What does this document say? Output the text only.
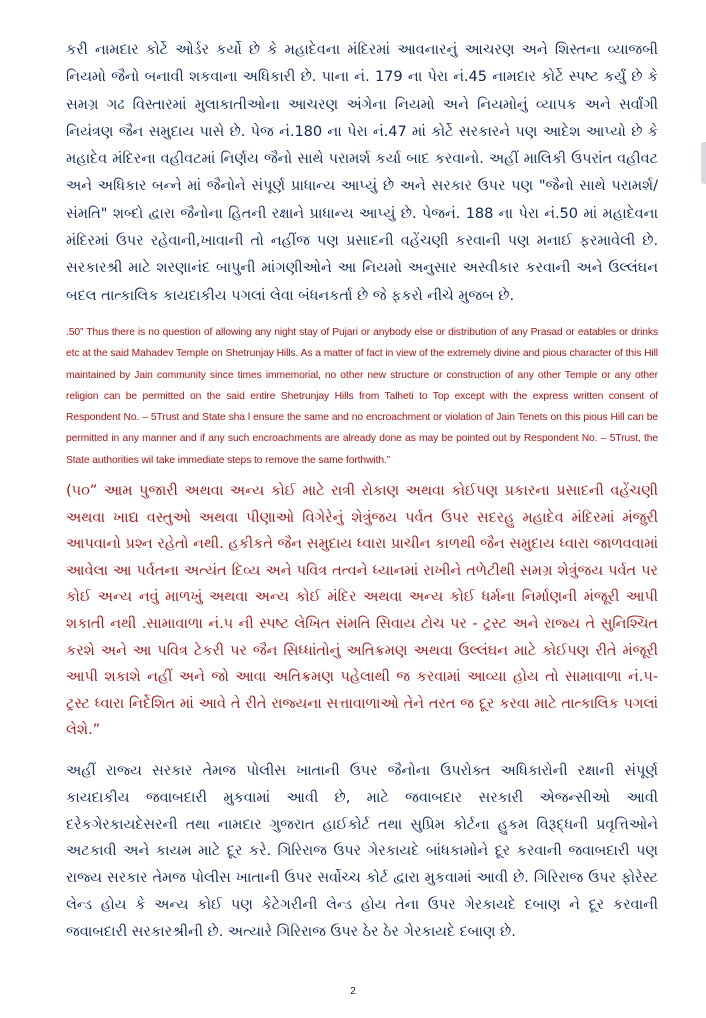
કરી નામદાર કોર્ટે ઓર્ડર કર્યો છે કે મહાદેવના મંદિરમાં આવનારનું આચરણ અને શિસ્તના વ્યાજબી નિયમો જૈનો બનાવી શકવાના અધિકારી છે. પાના નં. 179 ના પેરા નં.45 નામદાર કોર્ટે સ્પષ્ટ કર્યું છે કે સમગ્ર ગઢ વિસ્તારમાં મુલાકાતીઓના આચરણ અંગેના નિયમો અને નિયમોનું વ્યાપક અને સર્વાંગી નિયંત્રણ જૈન સમુદાય પાસે છે. પેજ નં.180 ના પેરા નં.47 માં કોર્ટે સરકારને પણ આદેશ આપ્યો છે કે મહાદેવ મંદિરના વહીવટમાં નિર્ણય જૈનો સાથે પરામર્શ કર્યા બાદ કરવાનો. અહીં માલિકી ઉપરાંત વહીવટ અને અધિકાર બન્ને માં જૈનોને સંપૂર્ણ પ્રાધાન્ય આપ્યું છે અને સરકાર ઉપર પણ "જૈનો સાથે પરામર્શ/સંમતિ" શબ્દો દ્વારા જૈનોના હિતની રક્ષાને પ્રાધાન્ય આપ્યું છે. પેજનં. 188 ના પેરા નં.50 માં મહાદેવના મંદિરમાં ઉપર રહેવાની,ખાવાની તો નહીંજ પણ પ્રસાદની વહેંચણી કરવાની પણ મનાઈ ફરમાવેલી છે. સરકારશ્રી માટે શરણાનંદ બાપુની માંગણીઓને આ નિયમો અનુસાર અસ્વીકાર કરવાની અને ઉલ્લંઘન બદલ તાત્કાલિક કાયદાકીય પગલાં લેવા બંધનકર્તા છે જે ફકરો નીચે મુજબ છે.

.50” Thus there is no question of allowing any night stay of Pujari or anybody else or distribution of any Prasad or eatables or drinks etc at the said Mahadev Temple on Shetrunjay Hills. As a matter of fact in view of the extremely divine and pious character of this Hill maintained by Jain community since times immemorial, no other new structure or construction of any other Temple or any other religion can be permitted on the said entire Shetrunjay Hills from Talheti to Top except with the express written consent of Respondent No. – 5Trust and State sha l ensure the same and no encroachment or violation of Jain Tenets on this pious Hill can be permitted in any manner and if any such encroachments are already done as may be pointed out by Respondent No. – 5Trust, the State authorities wil take immediate steps to remove the same forthwith.”

(૫૦” આમ પુજારી અથવા અન્ય કોઈ માટે રાત્રી રોકાણ અથવા કોઈપણ પ્રકારના પ્રસાદની વહેંચણી અથવા ખાદ્ય વસ્તુઓ અથવા પીણાઓ વિગેરેનું શેત્રુંજય પર્વત ઉપર સદરહુ મહાદેવ મંદિરમાં મંજુરી આપવાનો પ્રશ્ન રહેતો નથી. હકીકતે જૈન સમુદાય ધ્વારા પ્રાચીન કાળથી જૈન સમુદાય ધ્વારા જાળવવામાં આવેલા આ પર્વતના અત્યંત દિવ્ય અને પવિત્ર તત્વને ધ્યાનમાં રાખીને તળેટીથી સમગ્ર શેત્રુંજય પર્વત પર કોઈ અન્ય નવું માળખું અથવા અન્ય કોઈ મંદિર અથવા અન્ય કોઈ ધર્મના નિર્માણની મંજૂરી આપી શકાતી નથી .સામાવાળા નં.૫ ની સ્પષ્ટ લેખિત સંમતિ સિવાય ટોચ પર - ટ્રસ્ટ અને રાજ્ય તે સુનિશ્ચિત કરશે અને આ પવિત્ર ટેકરી પર જૈન સિધ્ધાંતોનું અતિક્રમણ અથવા ઉલ્લંઘન માટે કોઈપણ રીતે મંજૂરી આપી શકાશે નહીં અને જો આવા અતિક્રમણ પહેલાથી જ કરવામાં આવ્યા હોય તો સામાવાળા નં.૫- ટ્રસ્ટ ધ્વારા નિર્દેશિત માં આવે તે રીતે રાજ્યના સત્તાવાળાઓ તેને તરત જ દૂર કરવા માટે તાત્કાલિક પગલાં લેશે.”

અહીં રાજ્ય સરકાર તેમજ પોલીસ ખાતાની ઉપર જૈનોના ઉપરોક્ત અધિકારોની રક્ષાની સંપૂર્ણ કાયદાકીય જવાબદારી મુકવામાં આવી છે, માટે જવાબદાર સરકારી એજન્સીઓ આવી દરેકગેરકાયદેસરની તથા નામદાર ગુજરાત હાઈકોર્ટ તથા સુપ્રિમ કોર્ટના હુકમ વિરૂદ્ધની પ્રવૃત્તિઓને અટકાવી અને કાયમ માટે દૂર કરે. ગિરિરાજ ઉપર ગેરકાયદે બાંધકામોને દૂર કરવાની જવાબદારી પણ રાજ્ય સરકાર તેમજ પોલીસ ખાતાની ઉપર સર્વોચ્ચ કોર્ટ દ્વારા મુકવામાં આવી છે. ગિરિરાજ ઉપર ફોરેસ્ટ લેન્ડ હોય કે અન્ય કોઈ પણ કેટેગરીની લેન્ડ હોય તેના ઉપર ગેરકાયદે દબાણ ને દૂર કરવાની જવાબદારી સરકારશ્રીની છે. અત્યારે ગિરિરાજ ઉપર ઠેર ઠેર ગેરકાયદે દબાણ છે.

2
